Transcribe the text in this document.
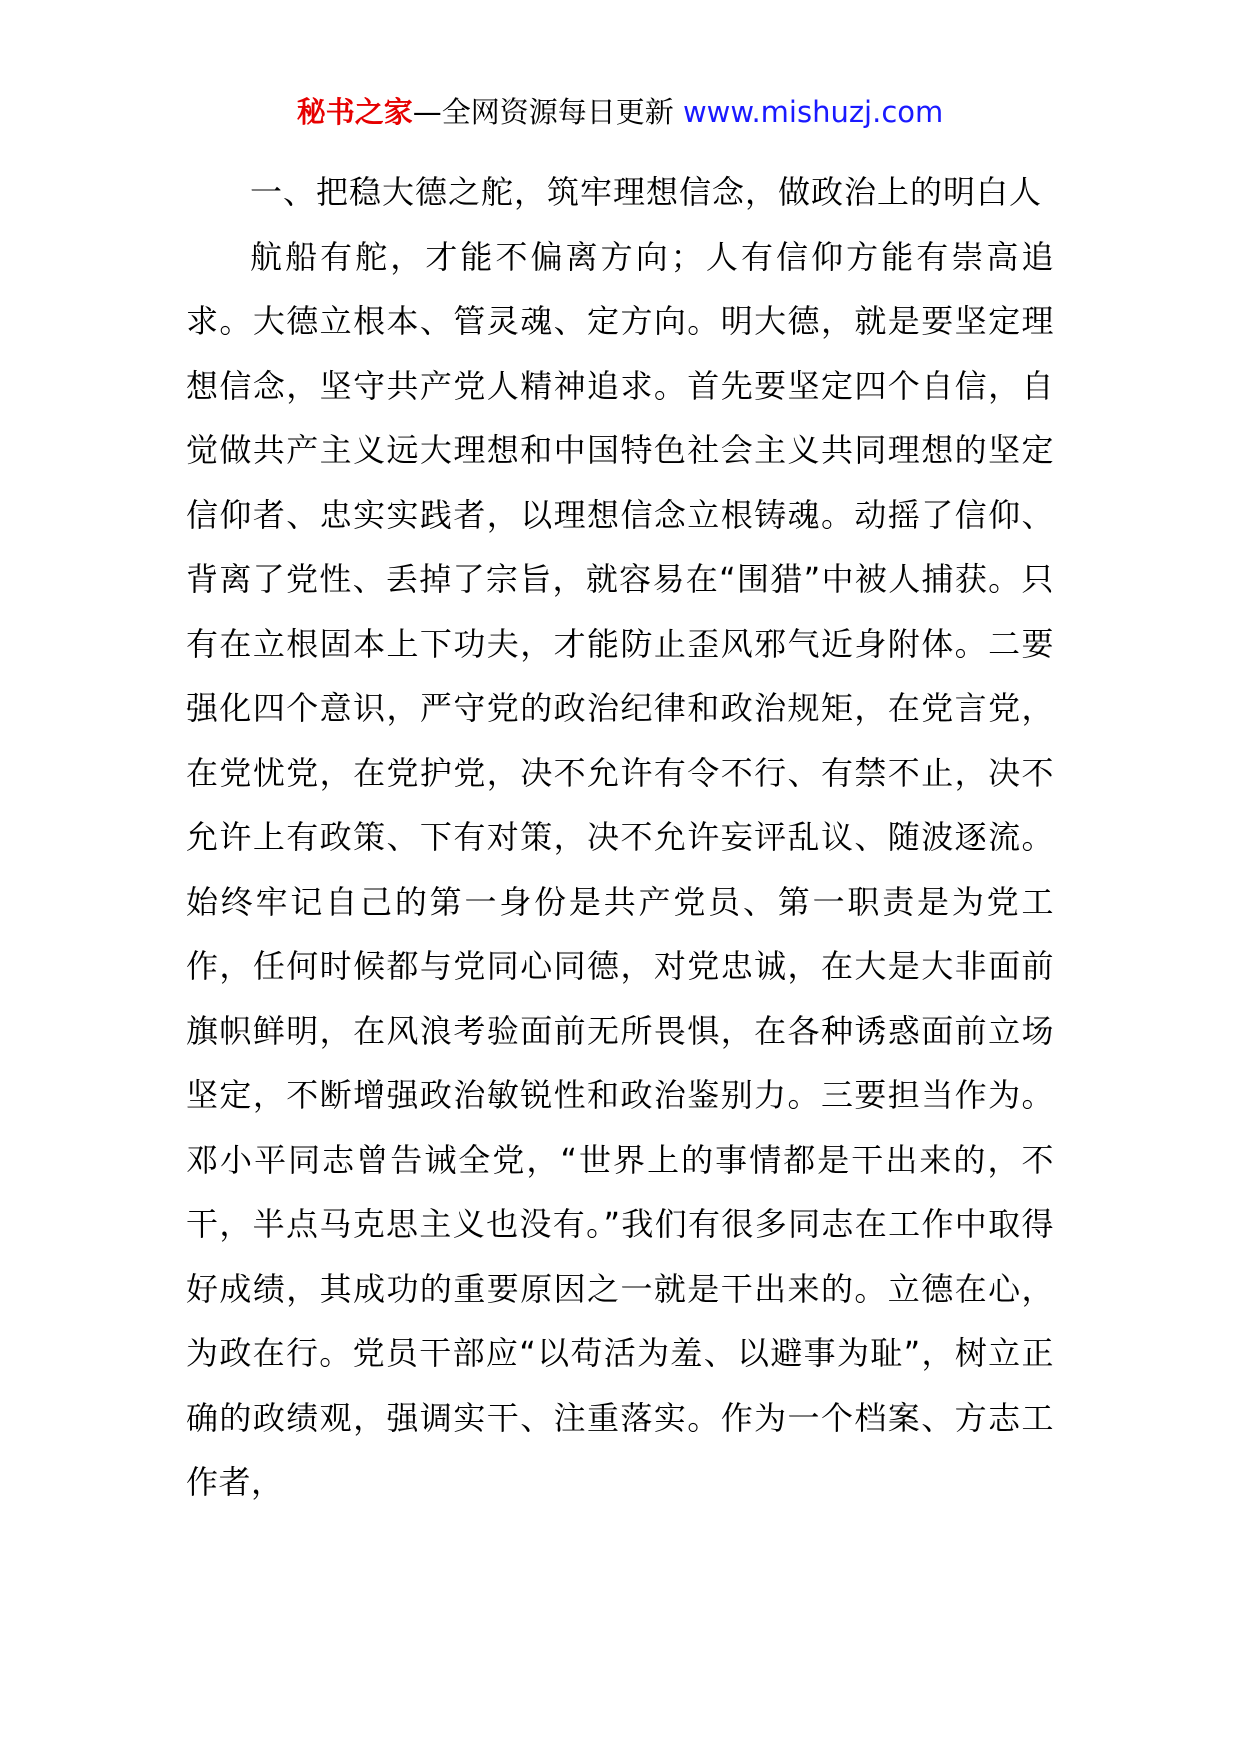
秘书之家—全网资源每日更新 www.mishuzj.com

一、把稳大德之舵，筑牢理想信念，做政治上的明白人

航船有舵，才能不偏离方向；人有信仰方能有崇高追求。大德立根本、管灵魂、定方向。明大德，就是要坚定理想信念，坚守共产党人精神追求。首先要坚定四个自信，自觉做共产主义远大理想和中国特色社会主义共同理想的坚定信仰者、忠实实践者，以理想信念立根铸魂。动摇了信仰、背离了党性、丢掉了宗旨，就容易在“围猎”中被人捕获。只有在立根固本上下功夫，才能防止歪风邪气近身附体。二要强化四个意识，严守党的政治纪律和政治规矩，在党言党，在党忧党，在党护党，决不允许有令不行、有禁不止，决不允许上有政策、下有对策，决不允许妄评乱议、随波逐流。始终牢记自己的第一身份是共产党员、第一职责是为党工作，任何时候都与党同心同德，对党忠诚，在大是大非面前旗帜鲜明，在风浪考验面前无所畏惧，在各种诱惑面前立场坚定，不断增强政治敏锐性和政治鉴别力。三要担当作为。邓小平同志曾告诫全党，“世界上的事情都是干出来的，不干，半点马克思主义也没有。”我们有很多同志在工作中取得好成绩，其成功的重要原因之一就是干出来的。立德在心，为政在行。党员干部应“以苟活为羞、以避事为耻”，树立正确的政绩观，强调实干、注重落实。作为一个档案、方志工作者，
